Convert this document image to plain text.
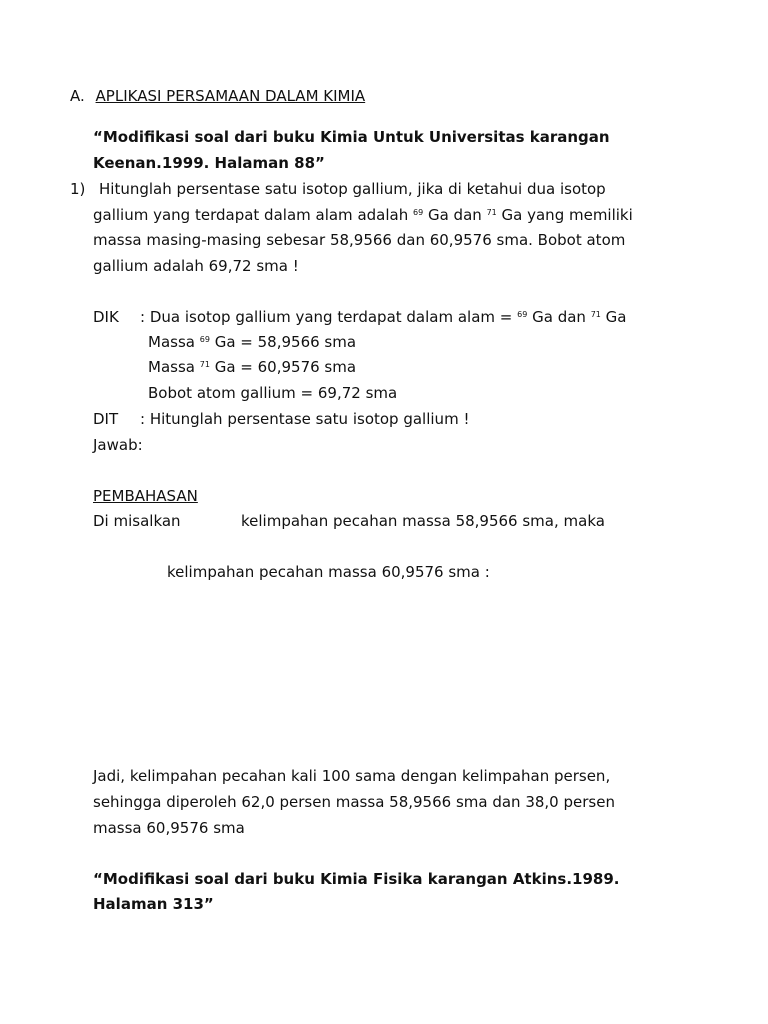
A. APLIKASI PERSAMAAN DALAM KIMIA
“Modifikasi soal dari buku Kimia Untuk Universitas karangan
Keenan.1999. Halaman 88”
1) Hitunglah persentase satu isotop gallium, jika di ketahui dua isotop
gallium yang terdapat dalam alam adalah $^{69}$ Ga dan $^{71}$ Ga yang memiliki
massa masing-masing sebesar 58,9566 dan 60,9576 sma. Bobot atom
gallium adalah 69,72 sma !
DIK : Dua isotop gallium yang terdapat dalam alam = $^{69}$ Ga dan $^{71}$ Ga
Massa $^{69}$ Ga = 58,9566 sma
Massa $^{71}$ Ga = 60,9576 sma
Bobot atom gallium = 69,72 sma
DIT : Hitunglah persentase satu isotop gallium !
Jawab:
PEMBAHASAN
Di misalkan	kelimpahan pecahan massa 58,9566 sma, maka
kelimpahan pecahan massa 60,9576 sma :
Jadi, kelimpahan pecahan kali 100 sama dengan kelimpahan persen,
sehingga diperoleh 62,0 persen massa 58,9566 sma dan 38,0 persen
massa 60,9576 sma
“Modifikasi soal dari buku Kimia Fisika karangan Atkins.1989.
Halaman 313”
